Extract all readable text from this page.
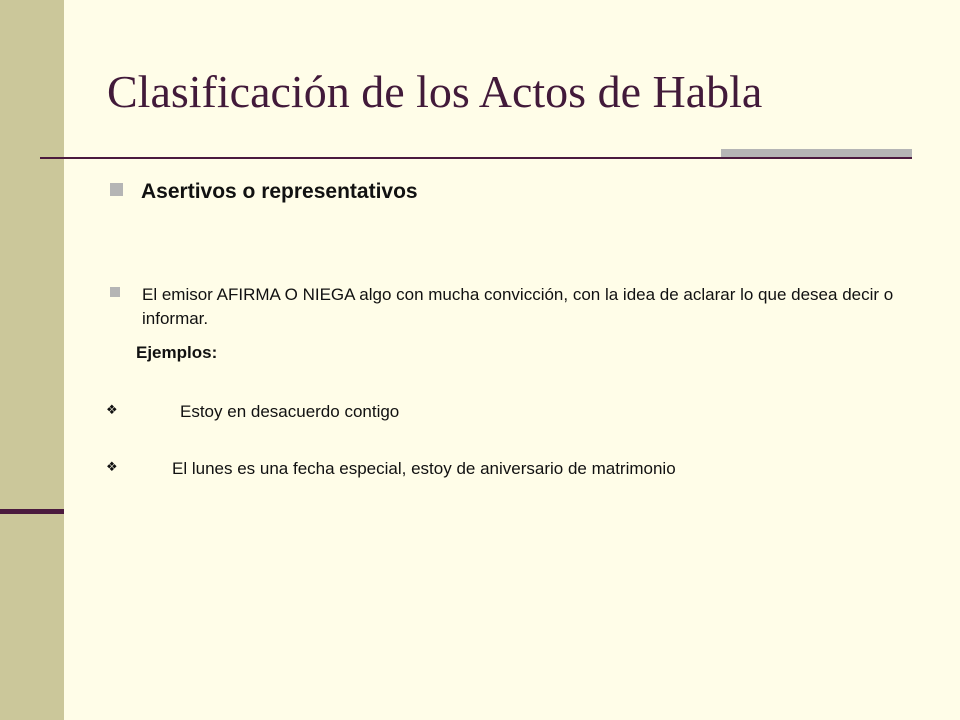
Clasificación de los Actos de Habla
Asertivos o representativos
El emisor AFIRMA O NIEGA algo con mucha convicción, con la idea de aclarar lo que desea decir o informar.
Ejemplos:
❖	Estoy en desacuerdo contigo
❖	El lunes es una fecha especial, estoy de aniversario de matrimonio
